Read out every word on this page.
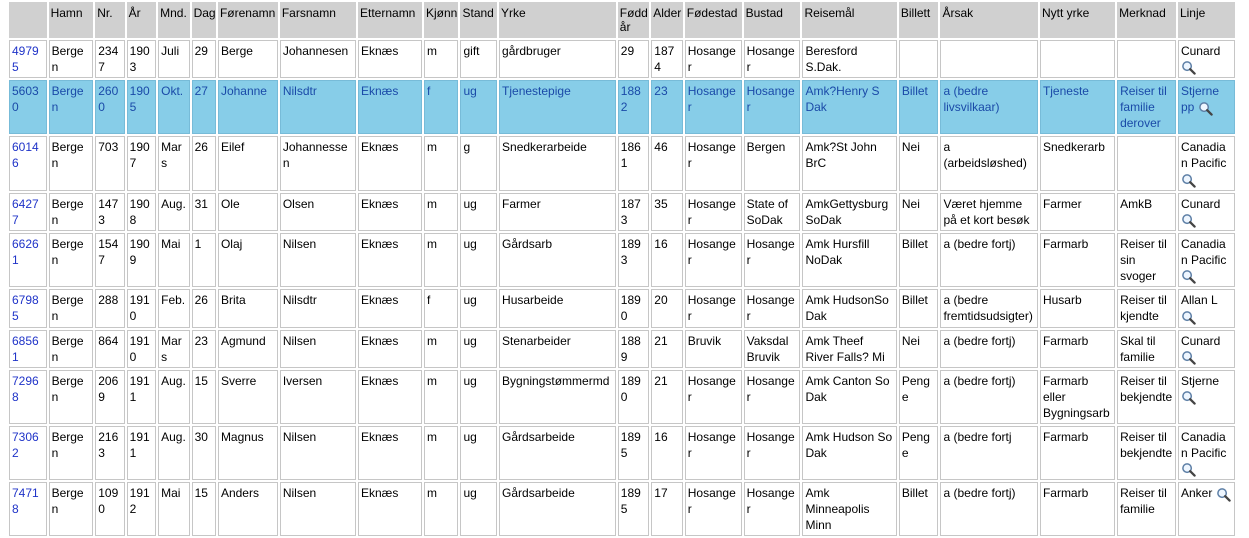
	Hamn	Nr.	År	Mnd.	Dag	Førenamn	Farsnamn	Etternamn	Kjønn	Stand	Yrke	Fødd år	Alder	Fødestad	Bustad	Reisemål	Billett	Årsak	Nytt yrke	Merknad	Linje
49795	Bergen	2347	1903	Juli	29	Berge	Johannesen	Eknæs	m	gift	gårdbruger	29	1874	Hosanger	Hosanger	Beresford S.Dak.					Cunard
56030	Bergen	2600	1905	Okt.	27	Johanne	Nilsdtr	Eknæs	f	ug	Tjenestepige	1882	23	Hosanger	Hosanger	Amk?Henry S Dak	Billet	a (bedre livsvilkaar)	Tjeneste	Reiser til familie derover	Stjerne pp
60146	Bergen	703	1907	Mars	26	Eilef	Johannessen	Eknæs	m	g	Snedkerarbeide	1861	46	Hosanger	Bergen	Amk?St John BrC	Nei	a (arbeidsløshed)	Snedkerarb		Canadian Pacific
64277	Bergen	1473	1908	Aug.	31	Ole	Olsen	Eknæs	m	ug	Farmer	1873	35	Hosanger	State of SoDak	AmkGettysburg SoDak	Nei	Været hjemme på et kort besøk	Farmer	AmkB	Cunard
66261	Bergen	1547	1909	Mai	1	Olaj	Nilsen	Eknæs	m	ug	Gårdsarb	1893	16	Hosanger	Hosanger	Amk Hursfill NoDak	Billet	a (bedre fortj)	Farmarb	Reiser til sin svoger	Canadian Pacific
67985	Bergen	288	1910	Feb.	26	Brita	Nilsdtr	Eknæs	f	ug	Husarbeide	1890	20	Hosanger	Hosanger	Amk HudsonSo Dak	Billet	a (bedre fremtidsudsigter)	Husarb	Reiser til kjendte	Allan L
68561	Bergen	864	1910	Mars	23	Agmund	Nilsen	Eknæs	m	ug	Stenarbeider	1889	21	Bruvik	Vaksdal Bruvik	Amk Theef River Falls? Mi	Nei	a (bedre fortj)	Farmarb	Skal til familie	Cunard
72968	Bergen	2069	1911	Aug.	15	Sverre	Iversen	Eknæs	m	ug	Bygningstømmermd	1890	21	Hosanger	Hosanger	Amk Canton So Dak	Penge	a (bedre fortj)	Farmarb eller Bygningsarb	Reiser til bekjendte	Stjerne
73062	Bergen	2163	1911	Aug.	30	Magnus	Nilsen	Eknæs	m	ug	Gårdsarbeide	1895	16	Hosanger	Hosanger	Amk Hudson So Dak	Penge	a (bedre fortj	Farmarb	Reiser til bekjendte	Canadian Pacific
74718	Bergen	1090	1912	Mai	15	Anders	Nilsen	Eknæs	m	ug	Gårdsarbeide	1895	17	Hosanger	Hosanger	Amk Minneapolis Minn	Billet	a (bedre fortj)	Farmarb	Reiser til familie	Anker
